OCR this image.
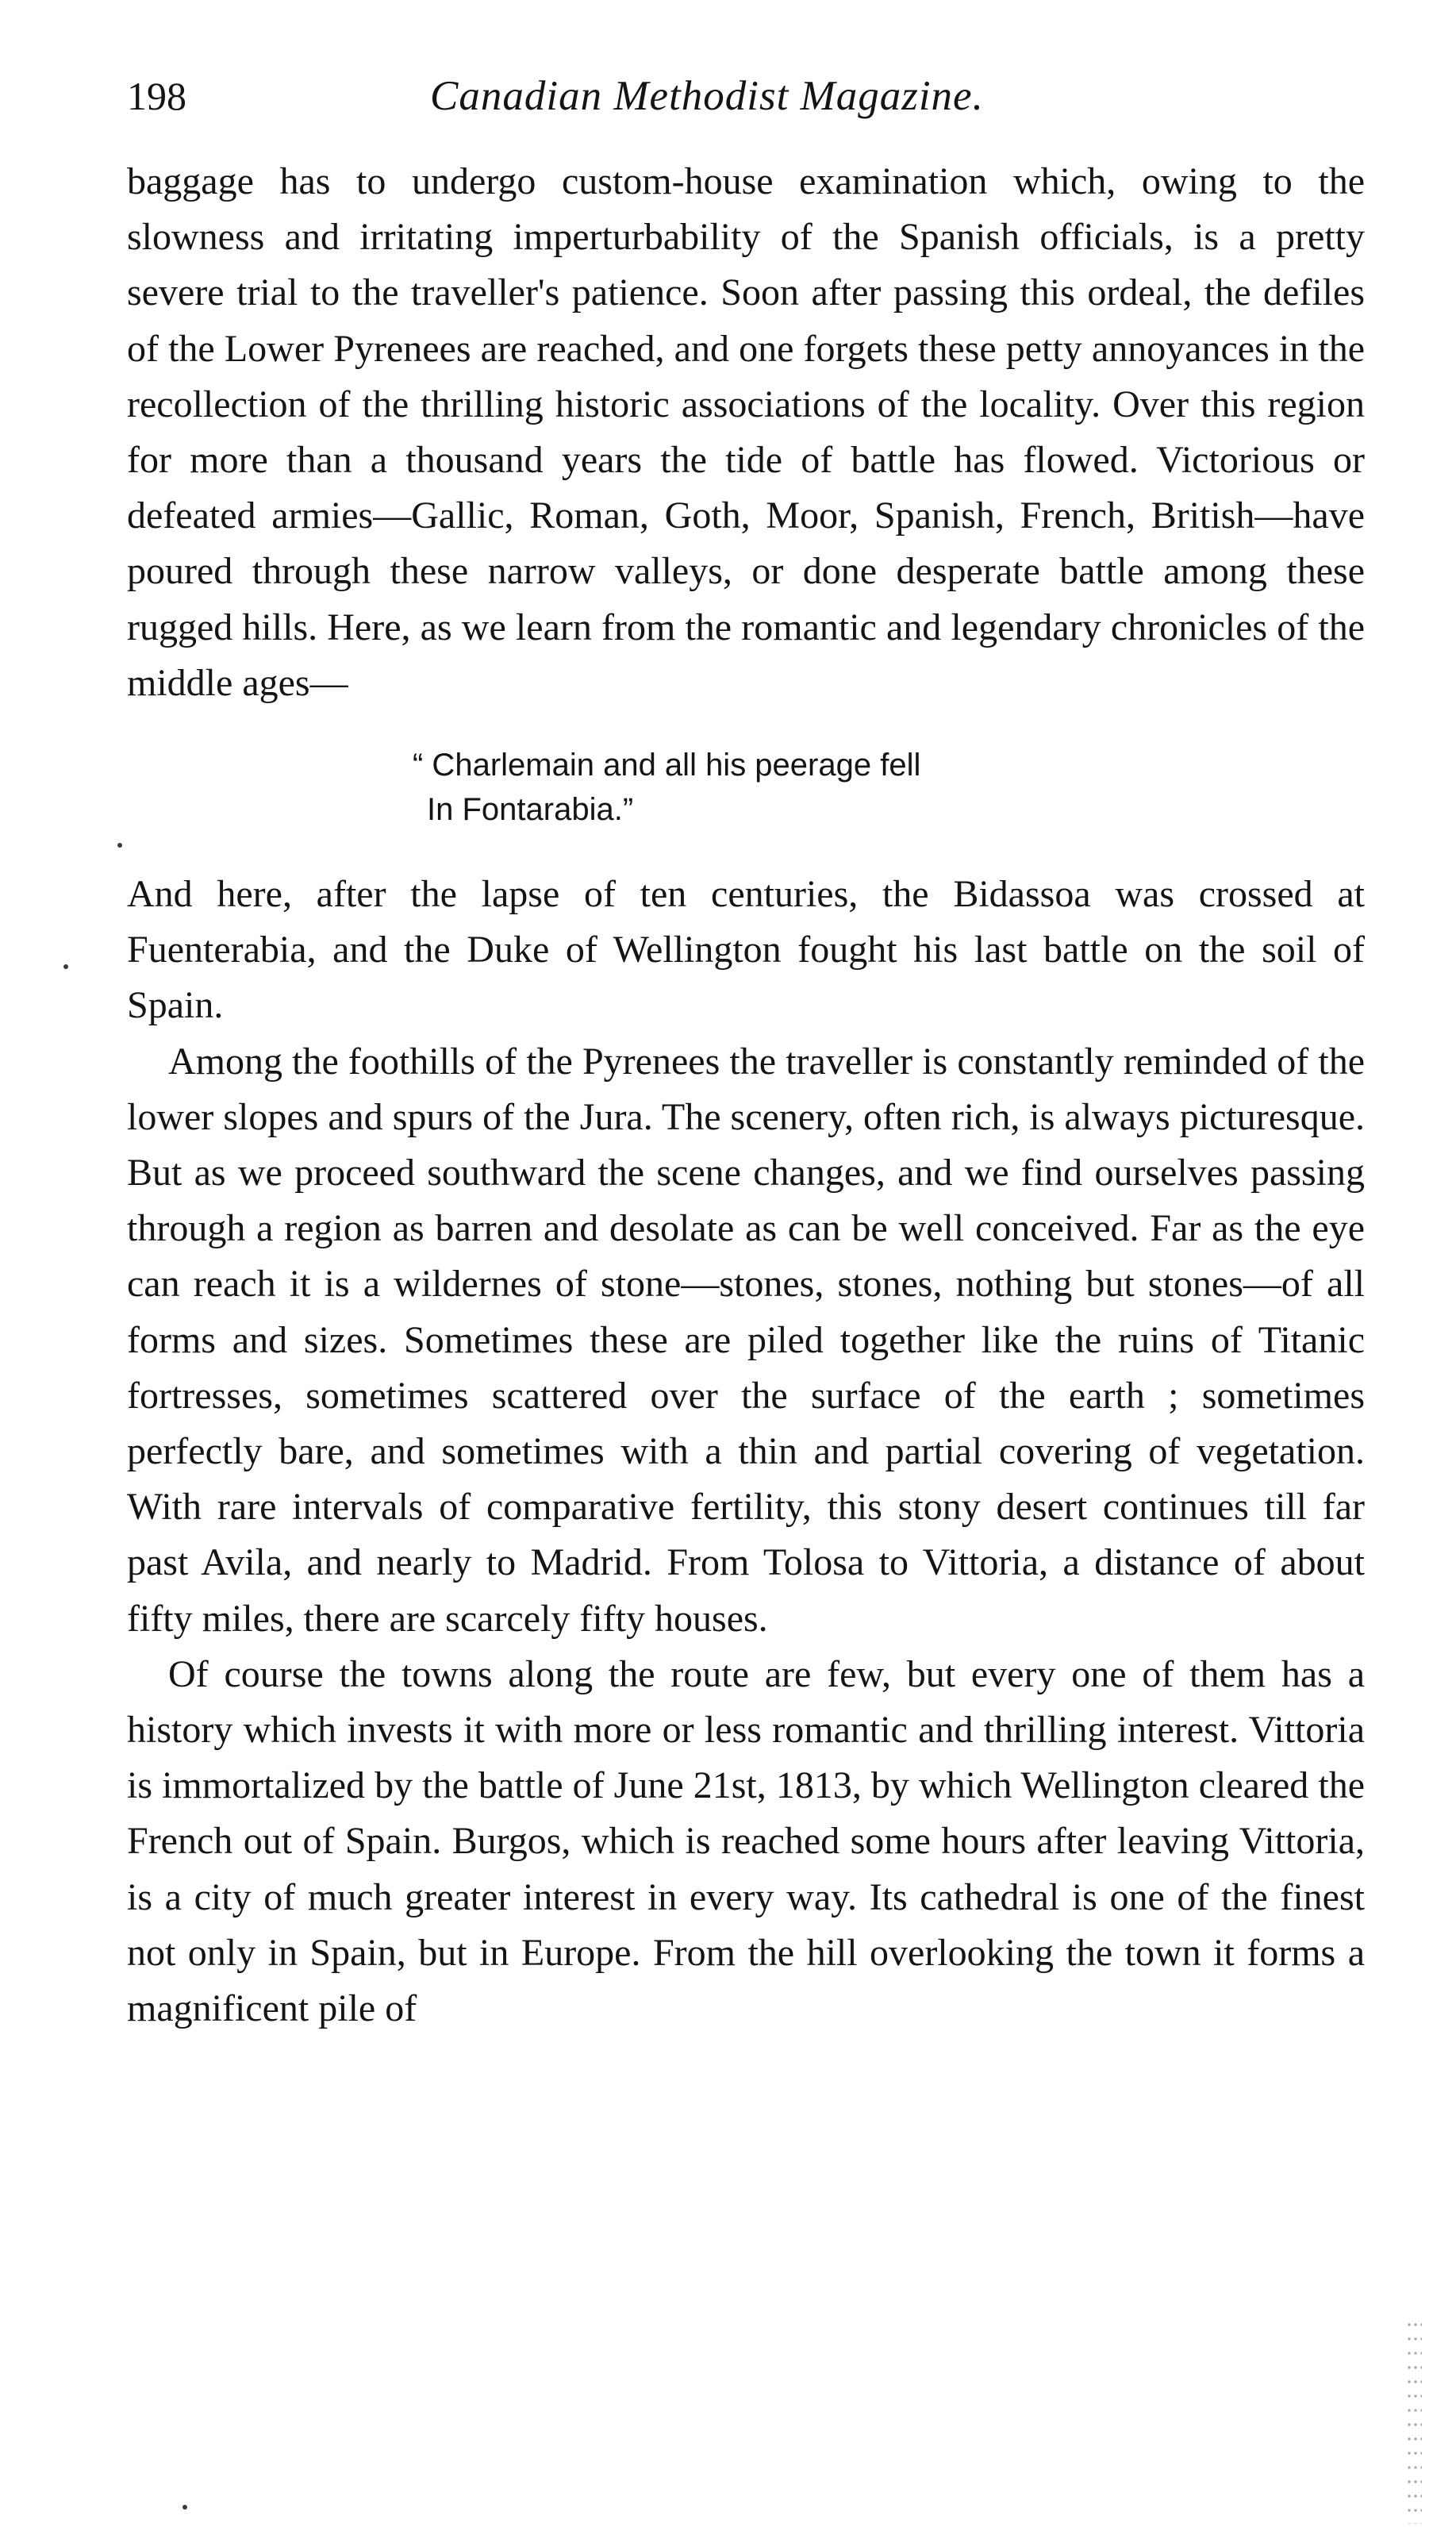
198	Canadian Methodist Magazine.

baggage has to undergo custom-house examination which, owing to the slowness and irritating imperturbability of the Spanish officials, is a pretty severe trial to the traveller's patience. Soon after passing this ordeal, the defiles of the Lower Pyrenees are reached, and one forgets these petty annoyances in the recollection of the thrilling historic associations of the locality. Over this region for more than a thousand years the tide of battle has flowed. Victorious or defeated armies—Gallic, Roman, Goth, Moor, Spanish, French, British—have poured through these narrow valleys, or done desperate battle among these rugged hills. Here, as we learn from the romantic and legendary chronicles of the middle ages—

“ Charlemain and all his peerage fell
In Fontarabia.”

And here, after the lapse of ten centuries, the Bidassoa was crossed at Fuenterabia, and the Duke of Wellington fought his last battle on the soil of Spain.

Among the foothills of the Pyrenees the traveller is constantly reminded of the lower slopes and spurs of the Jura. The scenery, often rich, is always picturesque. But as we proceed southward the scene changes, and we find ourselves passing through a region as barren and desolate as can be well conceived. Far as the eye can reach it is a wildernes of stone—stones, stones, nothing but stones—of all forms and sizes. Sometimes these are piled together like the ruins of Titanic fortresses, sometimes scattered over the surface of the earth ; sometimes perfectly bare, and sometimes with a thin and partial covering of vegetation. With rare intervals of comparative fertility, this stony desert continues till far past Avila, and nearly to Madrid. From Tolosa to Vittoria, a distance of about fifty miles, there are scarcely fifty houses.

Of course the towns along the route are few, but every one of them has a history which invests it with more or less romantic and thrilling interest. Vittoria is immortalized by the battle of June 21st, 1813, by which Wellington cleared the French out of Spain. Burgos, which is reached some hours after leaving Vittoria, is a city of much greater interest in every way. Its cathedral is one of the finest not only in Spain, but in Europe. From the hill overlooking the town it forms a magnificent pile of
